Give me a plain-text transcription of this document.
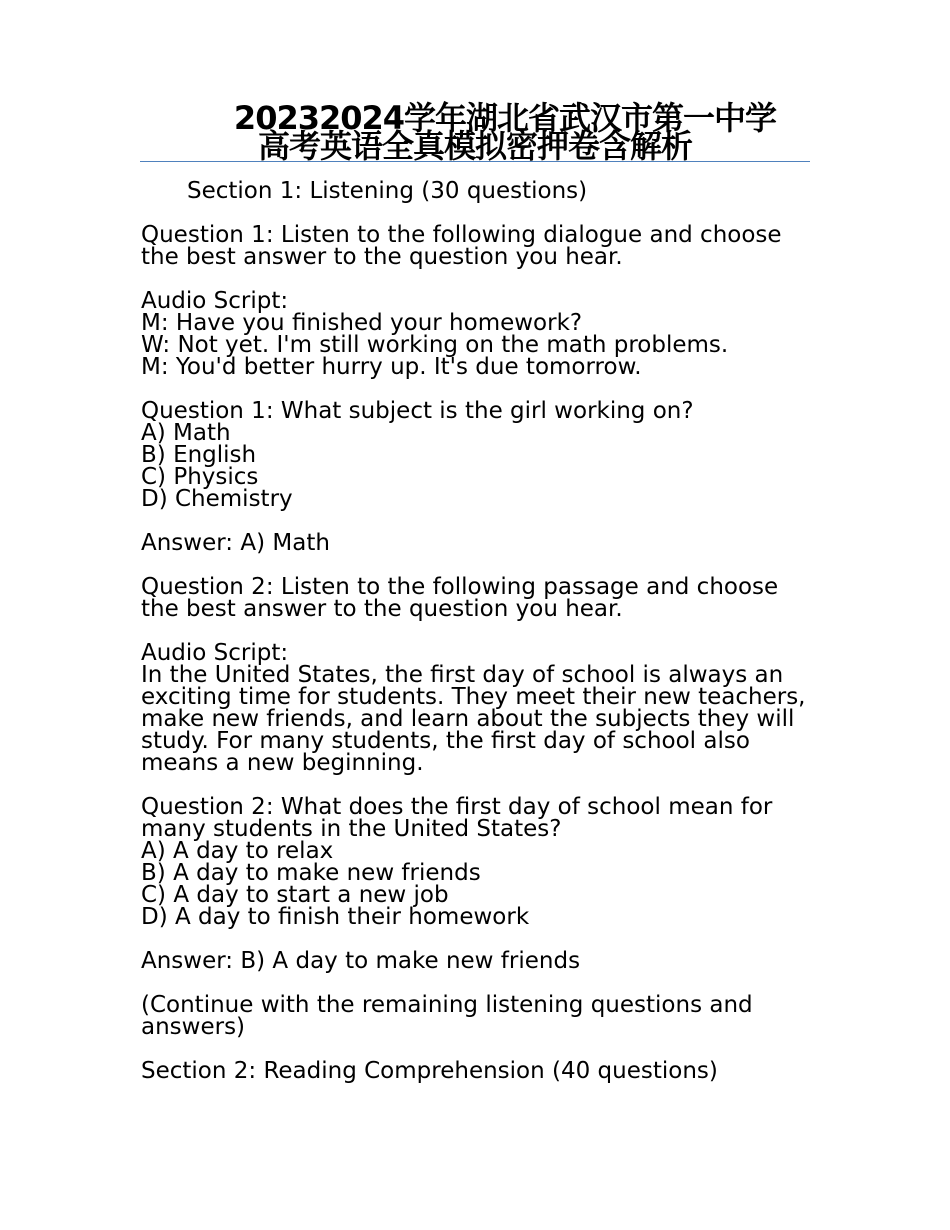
20232024学年湖北省武汉市第一中学
高考英语全真模拟密押卷含解析
Section 1: Listening (30 questions)
Question 1: Listen to the following dialogue and choose the best answer to the question you hear.
Audio Script:
M: Have you finished your homework?
W: Not yet. I'm still working on the math problems.
M: You'd better hurry up. It's due tomorrow.
Question 1: What subject is the girl working on?
A) Math
B) English
C) Physics
D) Chemistry
Answer: A) Math
Question 2: Listen to the following passage and choose the best answer to the question you hear.
Audio Script:
In the United States, the first day of school is always an exciting time for students. They meet their new teachers, make new friends, and learn about the subjects they will study. For many students, the first day of school also means a new beginning.
Question 2: What does the first day of school mean for many students in the United States?
A) A day to relax
B) A day to make new friends
C) A day to start a new job
D) A day to finish their homework
Answer: B) A day to make new friends
(Continue with the remaining listening questions and answers)
Section 2: Reading Comprehension (40 questions)
